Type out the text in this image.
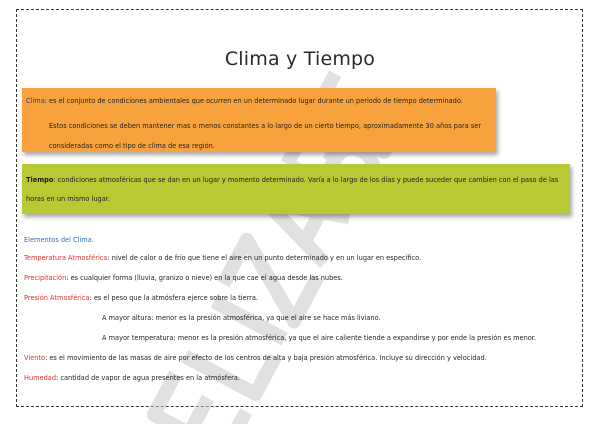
Clima y Tiempo
Clima: es el conjunto de condiciones ambientales que ocurren en un determinado lugar durante un periodo de tiempo determinado.
Estos condiciones se deben mantener mas o menos constantes a lo largo de un cierto tiempo, aproximadamente 30 años para ser consideradas como el tipo de clima de esa región.
Tiempo: condiciones atmosféricas que se dan en un lugar y momento determinado. Varía a lo largo de los días y puede suceder que cambien con el paso de las horas en un mismo lugar.
Elementos del Clima.
Temperatura Atmosférica: nivel de calor o de frío que tiene el aire en un punto determinado y en un lugar en específico.
Precipitación: es cualquier forma (lluvia, granizo o nieve) en la que cae el agua desde las nubes.
Presión Atmosférica: es el peso que la atmósfera ejerce sobre la tierra.
A mayor altura: menor es la presión atmosférica, ya que el aire se hace más liviano.
A mayor temperatura: menor es la presión atmosférica, ya que el aire caliente tiende a expandirse y por ende la presión es menor.
Viento: es el movimiento de las masas de aire por efecto de los centros de alta y baja presión atmosférica. Incluye su dirección y velocidad.
Humedad: cantidad de vapor de agua presentes en la atmósfera.
